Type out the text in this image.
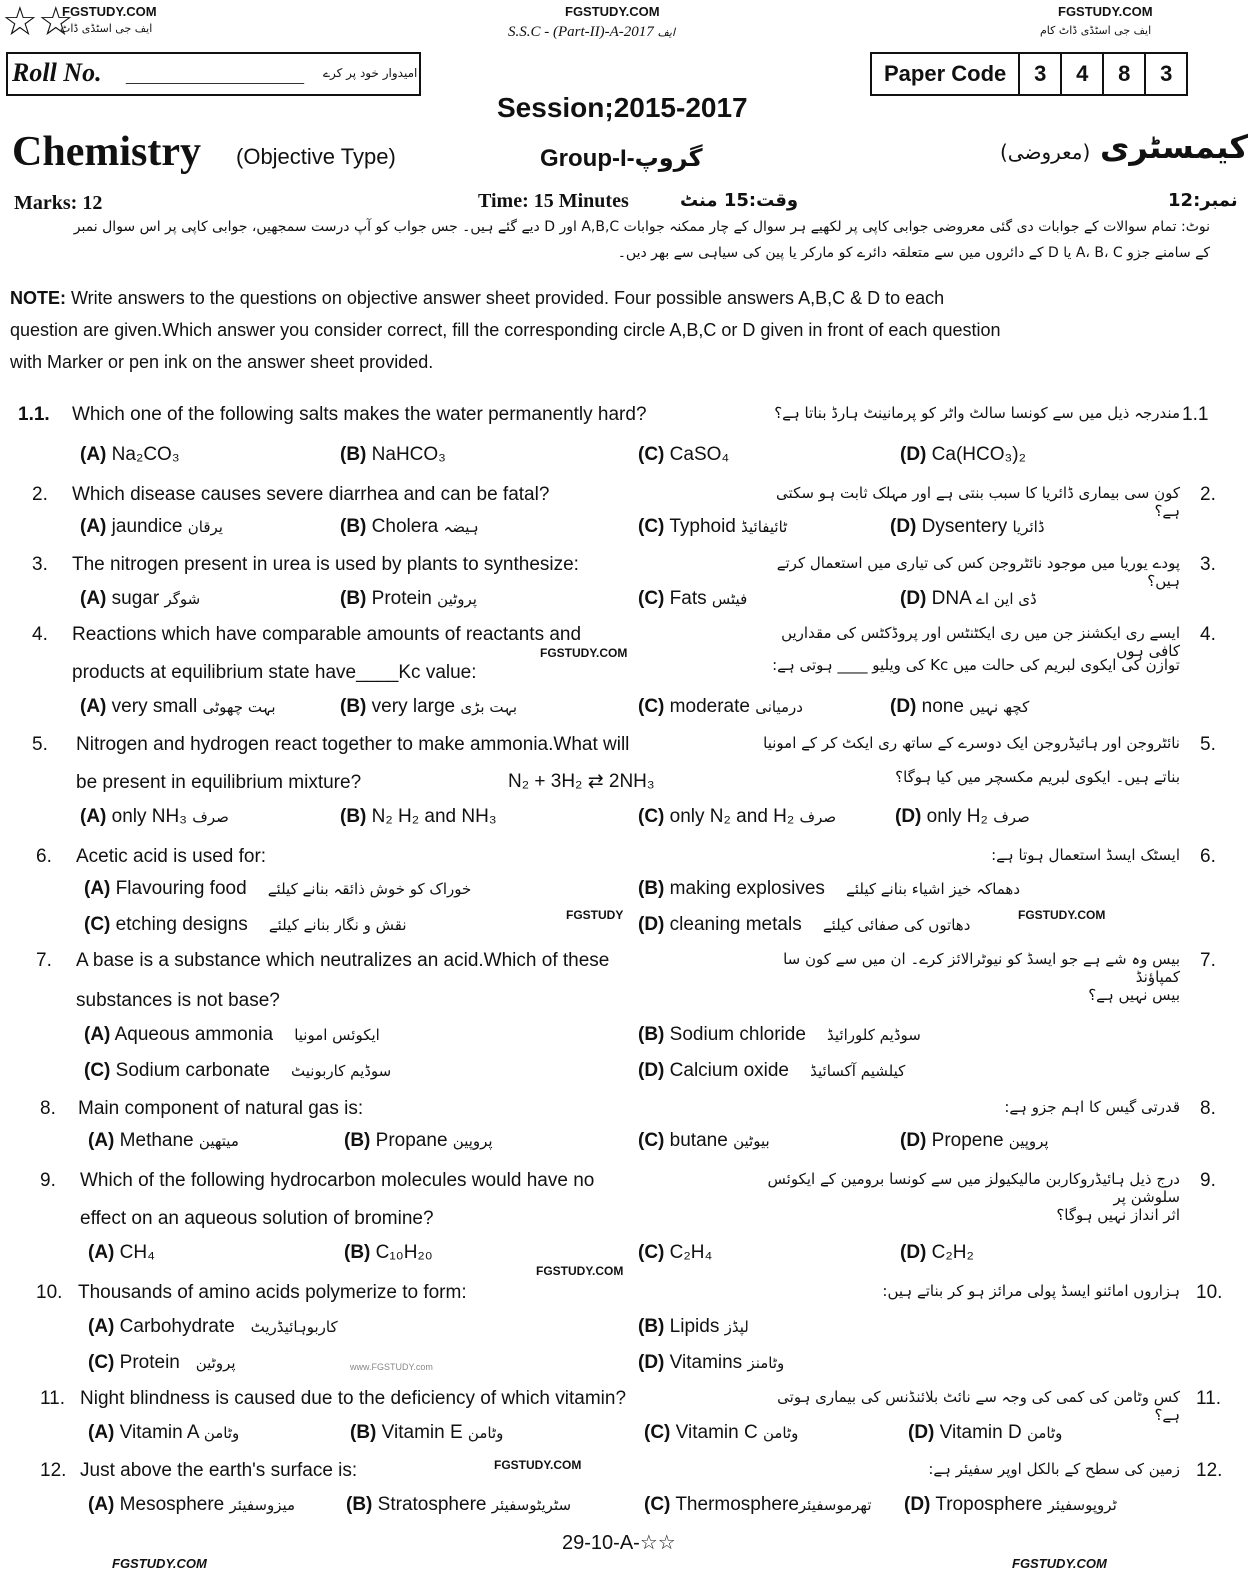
☆☆
FGSTUDY.COM
ایف جی اسٹڈی ڈاٹ
FGSTUDY.COM
S.S.C - (Part-II)-A-2017 ایف
FGSTUDY.COM
ایف جی اسٹڈی ڈاٹ کام
Roll No. ____________________ امیدوار خود پر کرے	Paper Code	3	4	8	3
Session;2015-2017
Chemistry (Objective Type)	Group-I-گروپ	(معروضی) کیمسٹری
Marks: 12	Time: 15 Minutes	وقت:15 منٹ	نمبر:12
نوٹ: تمام سوالات کے جوابات دی گئی معروضی جوابی کاپی پر لکھیے ہر سوال کے چار ممکنہ جوابات A,B,C اور D دیے گئے ہیں۔ جس جواب کو آپ درست سمجھیں، جوابی کاپی پر اس سوال نمبر
کے سامنے جزو A، B، C یا D کے دائروں میں سے متعلقہ دائرے کو مارکر یا پین کی سیاہی سے بھر دیں۔
NOTE: Write answers to the questions on objective answer sheet provided. Four possible answers A,B,C & D to each
question are given.Which answer you consider correct, fill the corresponding circle A,B,C or D given in front of each question
with Marker or pen ink on the answer sheet provided.
1.1. Which one of the following salts makes the water permanently hard?	مندرجہ ذیل میں سے کونسا سالٹ واٹر کو پرمانینٹ ہارڈ بناتا ہے؟ 1.1
(A) Na₂CO₃	(B) NaHCO₃	(C) CaSO₄	(D) Ca(HCO₃)₂
2. Which disease causes severe diarrhea and can be fatal?	کون سی بیماری ڈائریا کا سبب بنتی ہے اور مہلک ثابت ہو سکتی ہے؟
2.
(A) jaundice یرقان	(B) Cholera ہیضہ	(C) Typhoid ٹائیفائیڈ	(D) Dysentery ڈائریا
3. The nitrogen present in urea is used by plants to synthesize:	پودے یوریا میں موجود نائٹروجن کس کی تیاری میں استعمال کرتے ہیں؟
3.
(A) sugar شوگر	(B) Protein پروٹین	(C) Fats فیٹس	(D) DNA ڈی این اے
4. Reactions which have comparable amounts of reactants and	ایسے ری ایکشنز جن میں ری ایکٹنٹس اور پروڈکٹس کی مقداریں کافی ہوں
4.
FGSTUDY.COM
products at equilibrium state have____Kc value:	توازن کی ایکوی لبریم کی حالت میں Kc کی ویلیو ____ ہوتی ہے:
(A) very small بہت چھوٹی	(B) very large بہت بڑی	(C) moderate درمیانی	(D) none کچھ نہیں
5. Nitrogen and hydrogen react together to make ammonia.What will	نائٹروجن اور ہائیڈروجن ایک دوسرے کے ساتھ ری ایکٹ کر کے امونیا 5.
be present in equilibrium mixture?	N₂ + 3H₂ ⇄ 2NH₃	بناتے ہیں۔ ایکوی لبریم مکسچر میں کیا ہوگا؟
(A) only NH₃ صرف	(B) N₂ H₂ and NH₃	(C) only N₂ and H₂ صرف	(D) only H₂ صرف
6. Acetic acid is used for:	ایسٹک ایسڈ استعمال ہوتا ہے: 6.
(A) Flavouring food خوراک کو خوش ذائقہ بنانے کیلئے	(B) making explosives دھماکہ خیز اشیاء بنانے کیلئے
(C) etching designs نقش و نگار بنانے کیلئے
FGSTUDY (D) cleaning metals دھاتوں کی صفائی کیلئے
FGSTUDY.COM
7. A base is a substance which neutralizes an acid.Which of these	بیس وہ شے ہے جو ایسڈ کو نیوٹرالائز کرے۔ ان میں سے کون سا کمپاؤنڈ
7.
substances is not base?	بیس نہیں ہے؟
(A) Aqueous ammonia ایکوئس امونیا	(B) Sodium chloride سوڈیم کلورائیڈ
(C) Sodium carbonate سوڈیم کاربونیٹ	(D) Calcium oxide کیلشیم آکسائیڈ
8. Main component of natural gas is:	قدرتی گیس کا اہم جزو ہے: 8.
(A) Methane میتھین	(B) Propane پروپین	(C) butane بیوٹین	(D) Propene پروپین
9. Which of the following hydrocarbon molecules would have no	درج ذیل ہائیڈروکاربن مالیکیولز میں سے کونسا برومین کے ایکوئس سلوشن پر
9.
effect on an aqueous solution of bromine?	اثر انداز نہیں ہوگا؟
(A) CH₄	(B) C₁₀H₂₀	(C) C₂H₄	(D) C₂H₂
FGSTUDY.COM
10. Thousands of amino acids polymerize to form:	ہزاروں امائنو ایسڈ پولی مرائز ہو کر بناتے ہیں: 10.
(A) Carbohydrate کاربوہائیڈریٹ	(B) Lipids لپڈز
(C) Protein پروٹین	www.FGSTUDY.com	(D) Vitamins وٹامنز
11. Night blindness is caused due to the deficiency of which vitamin?	کس وٹامن کی کمی کی وجہ سے نائٹ بلائنڈنس کی بیماری ہوتی ہے؟
11.
(A) Vitamin A وٹامن	(B) Vitamin E وٹامن	(C) Vitamin C وٹامن	(D) Vitamin D وٹامن
12. Just above the earth's surface is:	FGSTUDY.COM	زمین کی سطح کے بالکل اوپر سفیئر ہے: 12.
(A) Mesosphere میزوسفیئر	(B) Stratosphere سٹریٹوسفیئر	(C) Thermosphereتھرموسفیئر (D) Troposphere ٹروپوسفیئر
29-10-A-☆☆
FGSTUDY.COM	FGSTUDY.COM
